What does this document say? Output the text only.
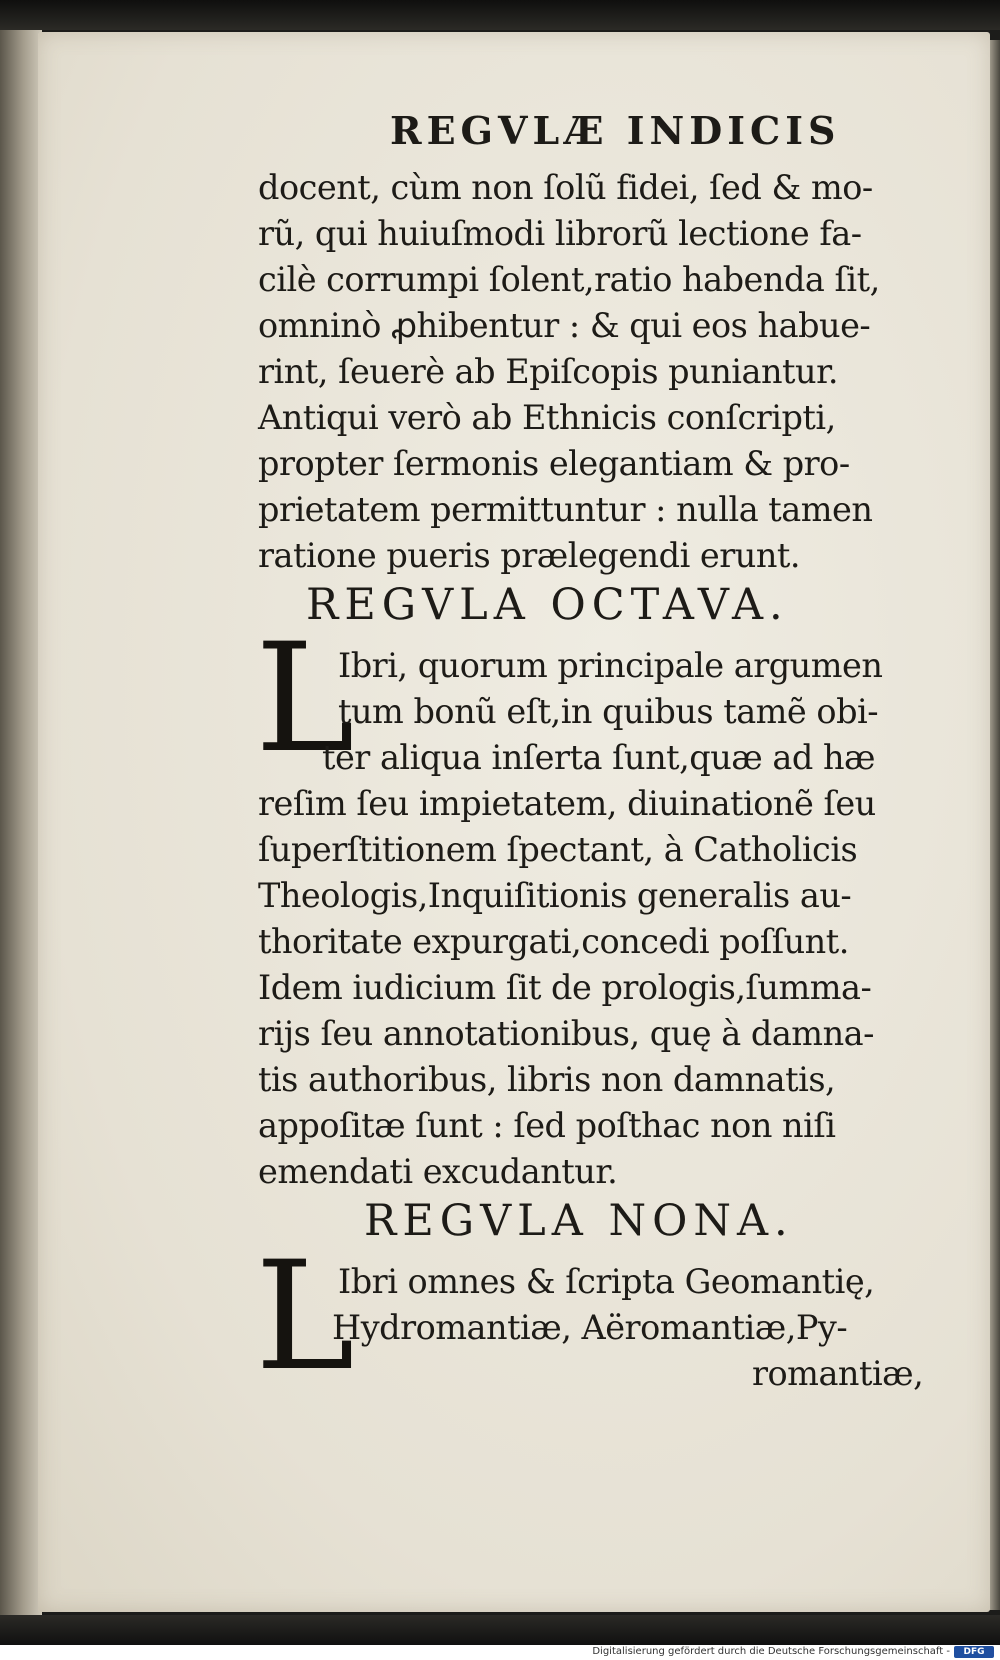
REGVLÆ INDICIS
docent, cùm non ſolũ fidei, ſed & mo-
rũ, qui huiuſmodi librorũ lectione fa-
cilè corrumpi ſolent,ratio habenda ſit,
omninò ꝓhibentur : & qui eos habue-
rint, ſeuerè ab Epiſcopis puniantur.
Antiqui verò ab Ethnicis conſcripti,
propter ſermonis elegantiam & pro-
prietatem permittuntur : nulla tamen
ratione pueris prælegendi erunt.
REGVLA OCTAVA.
L
Ibri, quorum principale argumen
tum bonũ eſt,in quibus tamẽ obi-
ter aliqua inſerta ſunt,quæ ad hæ
reſim ſeu impietatem, diuinationẽ ſeu
ſuperſtitionem ſpectant, à Catholicis
Theologis,Inquiſitionis generalis au-
thoritate expurgati,concedi poſſunt.
Idem iudicium ſit de prologis,ſumma-
rijs ſeu annotationibus, quę à damna-
tis authoribus, libris non damnatis,
appoſitæ ſunt : ſed poſthac non niſi
emendati excudantur.
REGVLA NONA.
L
Ibri omnes & ſcripta Geomantię,
Hydromantiæ, Aëromantiæ,Py-
romantiæ,
Digitalisierung gefördert durch die Deutsche Forschungsgemeinschaft -	DFG
